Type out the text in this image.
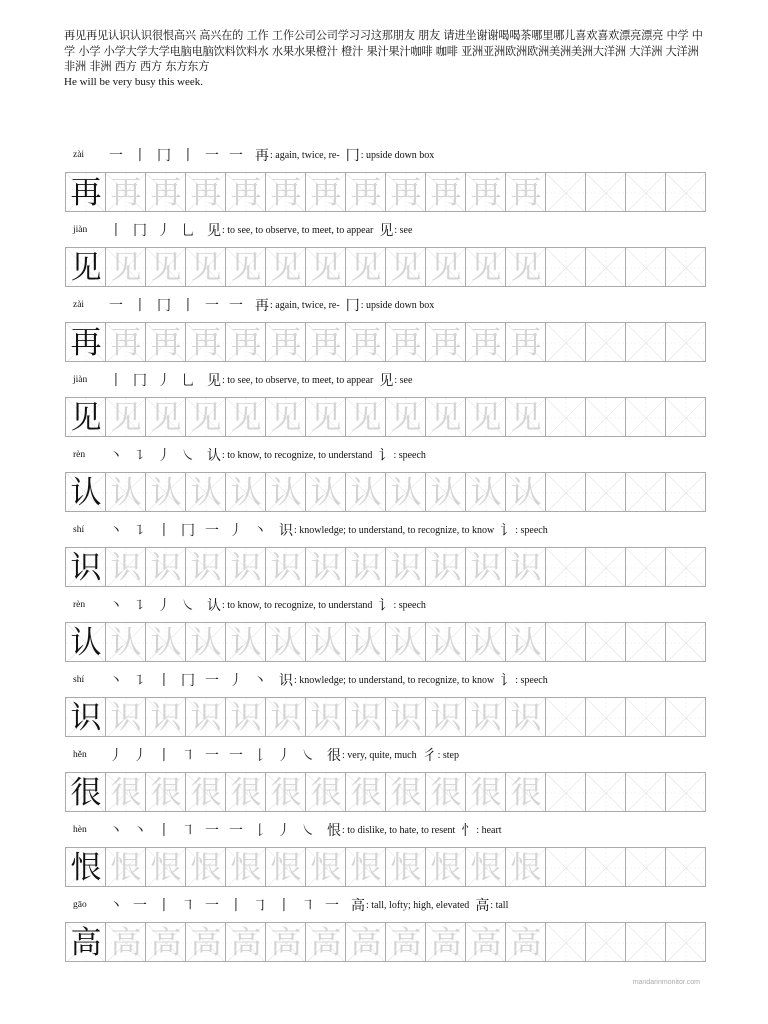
再见再见认识认识很恨高兴 高兴在的 工作 工作公司公司学习习这那朋友 朋友 请进坐谢谢喝喝茶哪里哪儿喜欢喜欢漂亮漂亮 中学 中学 小学 小学大学大学电脑电脑饮料饮料水 水果水果橙汁 橙汁 果汁果汁咖啡 咖啡 亚洲亚洲欧洲欧洲美洲美洲大洋洲 大洋洲 大洋洲 非洲 非洲 西方 西方 东方东方
He will be very busy this week.
zài	一 丨 冂 丨 一 一 再 : again, twice, re- 冂 : upside down box
再 再 再 再 再 再 再 再 再 再 再 再
jiàn	丨 冂 丿 乚 见 : to see, to observe, to meet, to appear 见 : see
见 见 见 见 见 见 见 见 见 见 见 见
zài	一 丨 冂 丨 一 一 再 : again, twice, re- 冂 : upside down box
再 再 再 再 再 再 再 再 再 再 再 再
jiàn	丨 冂 丿 乚 见 : to see, to observe, to meet, to appear 见 : see
见 见 见 见 见 见 见 见 见 见 见 见
rèn	丶 ㇊ 丿 ㇏ 认 : to know, to recognize, to understand 讠 : speech
认 认 认 认 认 认 认 认 认 认 认 认
shí	丶 ㇊ 丨 冂 一 丿 丶 识 : knowledge; to understand, to recognize, to know 讠 : speech
识 识 识 识 识 识 识 识 识 识 识 识
rèn	丶 ㇊ 丿 ㇏ 认 : to know, to recognize, to understand 讠 : speech
认 认 认 认 认 认 认 认 认 认 认 认
shí	丶 ㇊ 丨 冂 一 丿 丶 识 : knowledge; to understand, to recognize, to know 讠 : speech
识 识 识 识 识 识 识 识 识 识 识 识
hěn	丿 丿 丨 ㇕ 一 一 𠄌 丿 ㇏ 很 : very, quite, much 彳 : step
很 很 很 很 很 很 很 很 很 很 很 很
hèn	丶 丶 丨 ㇕ 一 一 𠄌 丿 ㇏ 恨 : to dislike, to hate, to resent 忄 : heart
恨 恨 恨 恨 恨 恨 恨 恨 恨 恨 恨 恨
gāo	丶 一 丨 ㇕ 一 丨 ㇆ 丨 ㇕ 一 高 : tall, lofty; high, elevated 高 : tall
高 高 高 高 高 高 高 高 高 高 高 高
mandarinmonitor.com
